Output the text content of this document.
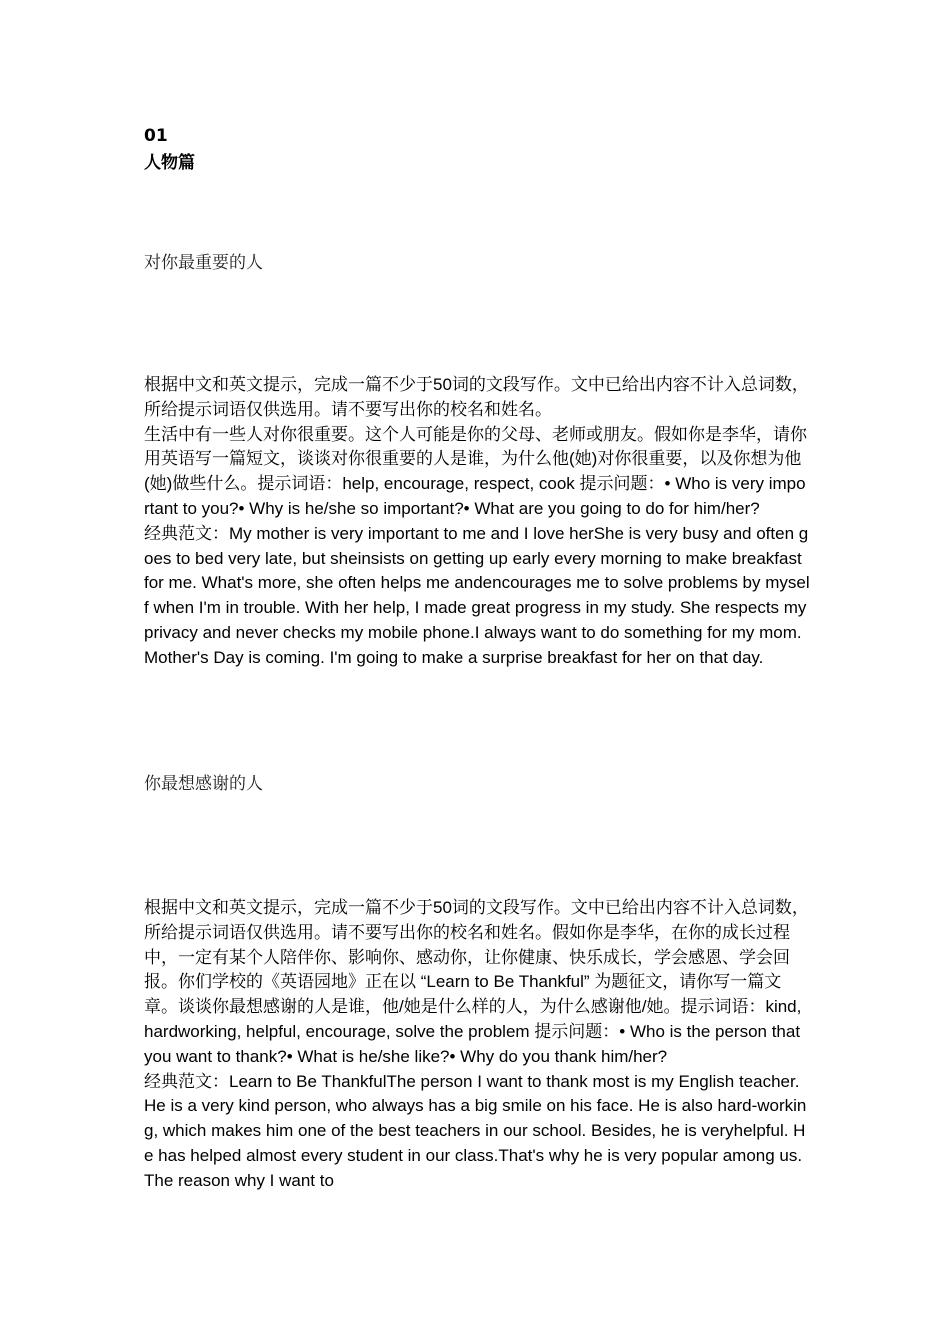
01
人物篇
对你最重要的人
根据中文和英文提示，完成一篇不少于50词的文段写作。文中已给出内容不计入总词数，所给提示词语仅供选用。请不要写出你的校名和姓名。
生活中有一些人对你很重要。这个人可能是你的父母、老师或朋友。假如你是李华，请你用英语写一篇短文，谈谈对你很重要的人是谁，为什么他(她)对你很重要，以及你想为他(她)做些什么。提示词语：help, encourage, respect, cook 提示问题：• Who is very important to you?• Why is he/she so important?• What are you going to do for him/her?
经典范文：My mother is very important to me and I love herShe is very busy and often goes to bed very late, but sheinsists on getting up early every morning to make breakfast for me. What's more, she often helps me andencourages me to solve problems by myself when I'm in trouble. With her help, I made great progress in my study. She respects my privacy and never checks my mobile phone.I always want to do something for my mom. Mother's Day is coming. I'm going to make a surprise breakfast for her on that day.
你最想感谢的人
根据中文和英文提示，完成一篇不少于50词的文段写作。文中已给出内容不计入总词数，所给提示词语仅供选用。请不要写出你的校名和姓名。假如你是李华，在你的成长过程中，一定有某个人陪伴你、影响你、感动你，让你健康、快乐成长，学会感恩、学会回报。你们学校的《英语园地》正在以 “Learn to Be Thankful” 为题征文，请你写一篇文章。谈谈你最想感谢的人是谁，他/她是什么样的人，为什么感谢他/她。提示词语：kind, hardworking, helpful, encourage, solve the problem 提示问题：• Who is the person that you want to thank?• What is he/she like?• Why do you thank him/her?
经典范文：Learn to Be ThankfulThe person I want to thank most is my English teacher.He is a very kind person, who always has a big smile on his face. He is also hard-working, which makes him one of the best teachers in our school. Besides, he is veryhelpful. He has helped almost every student in our class.That's why he is very popular among us.The reason why I want to
